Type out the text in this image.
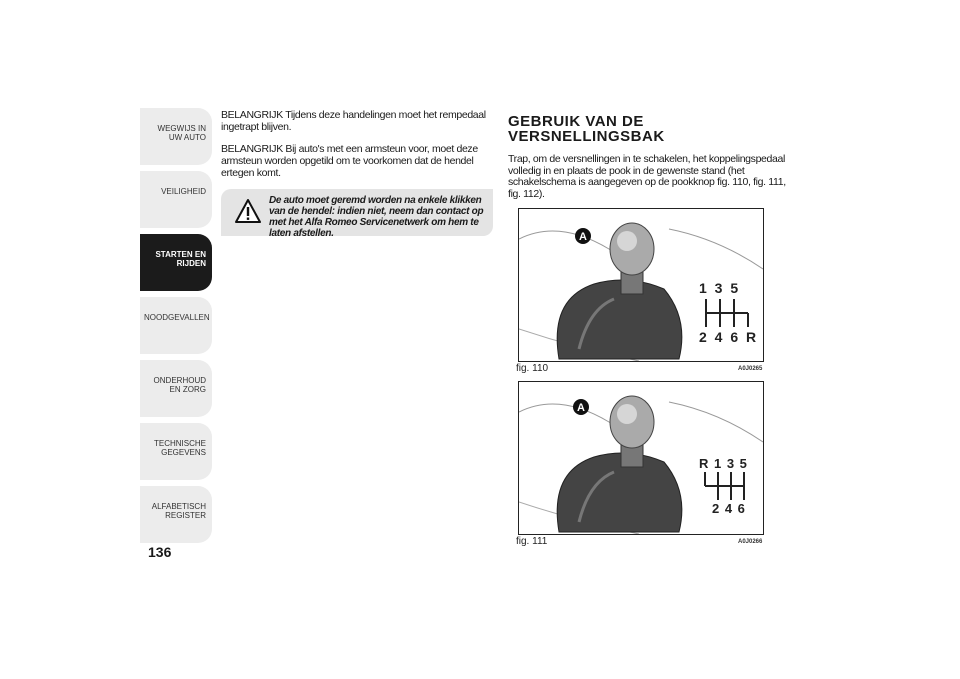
WEGWIJS IN UW AUTO
VEILIGHEID
STARTEN EN RIJDEN
NOODGEVALLEN
ONDERHOUD EN ZORG
TECHNISCHE GEGEVENS
ALFABETISCH REGISTER
136

BELANGRIJK Tijdens deze handelingen moet het rempedaal ingetrapt blijven.

BELANGRIJK Bij auto's met een armsteun voor, moet deze armsteun worden opgetild om te voorkomen dat de hendel ertegen komt.

De auto moet geremd worden na enkele klikken van de hendel: indien niet, neem dan contact op met het Alfa Romeo Servicenetwerk om hem te laten afstellen.
GEBRUIK VAN DE VERSNELLINGSBAK

Trap, om de versnellingen in te schakelen, het koppelingspedaal volledig in en plaats de pook in de gewenste stand (het schakelschema is aangegeven op de pookknop fig. 110, fig. 111, fig. 112).

A
1 3 5
2 4 6 R
fig. 110	A0J0265
A
R 1 3 5
2 4 6
fig. 111	A0J0266
